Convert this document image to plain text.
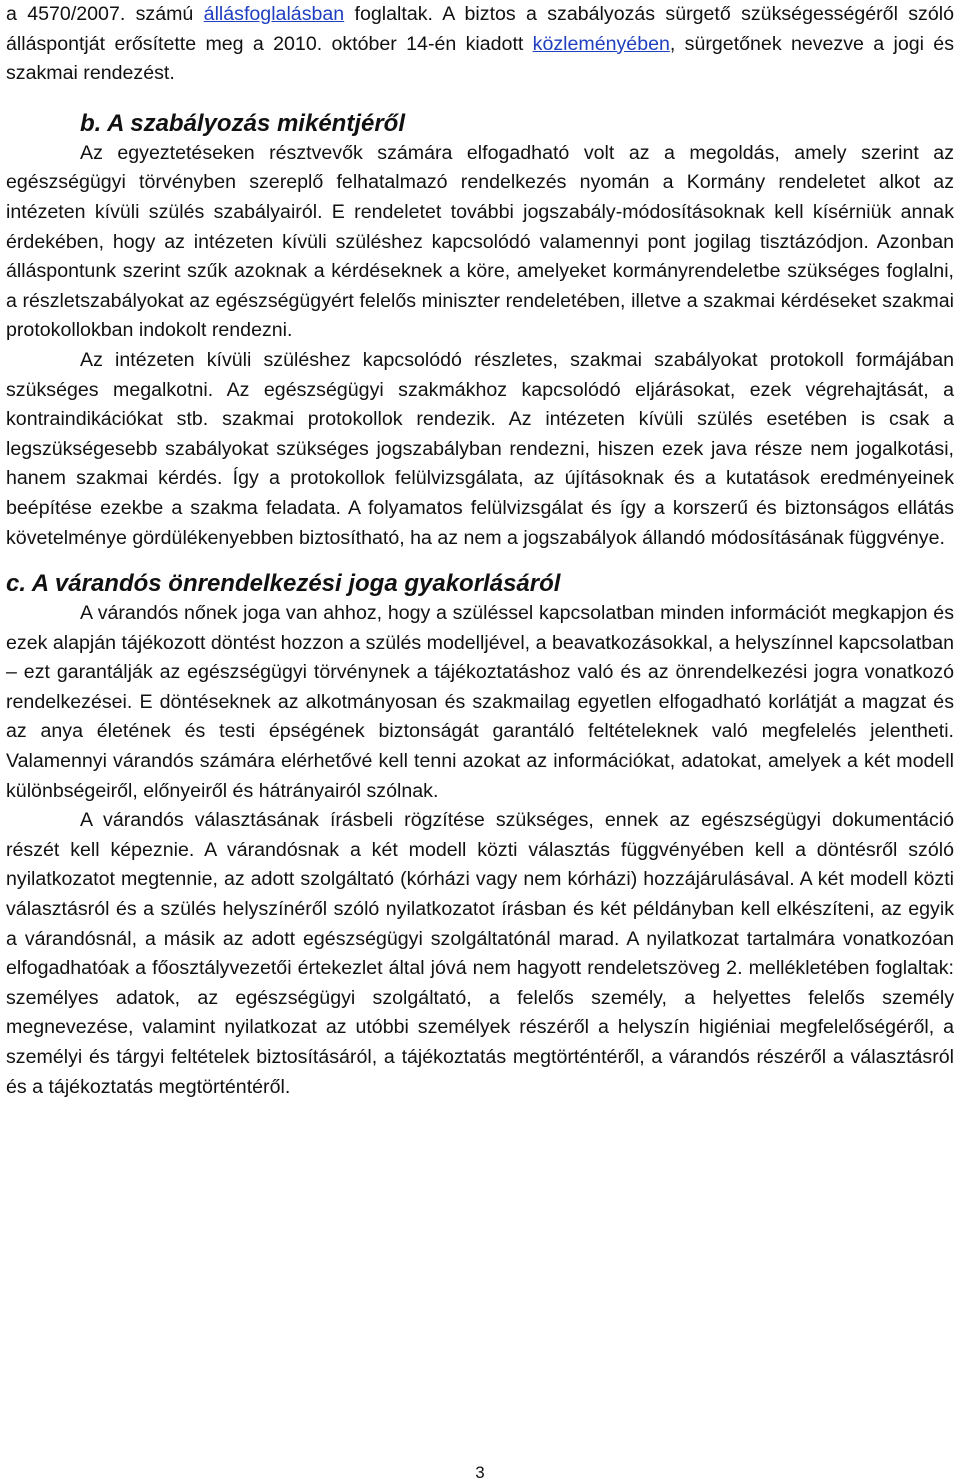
a 4570/2007. számú állásfoglalásban foglaltak. A biztos a szabályozás sürgető szükségességéről szóló álláspontját erősítette meg a 2010. október 14-én kiadott közleményében, sürgetőnek nevezve a jogi és szakmai rendezést.

b. A szabályozás mikéntjéről

Az egyeztetéseken résztvevők számára elfogadható volt az a megoldás, amely szerint az egészségügyi törvényben szereplő felhatalmazó rendelkezés nyomán a Kormány rendeletet alkot az intézeten kívüli szülés szabályairól. E rendeletet további jogszabály-módosításoknak kell kísérniük annak érdekében, hogy az intézeten kívüli szüléshez kapcsolódó valamennyi pont jogilag tisztázódjon. Azonban álláspontunk szerint szűk azoknak a kérdéseknek a köre, amelyeket kormányrendeletbe szükséges foglalni, a részletszabályokat az egészségügyért felelős miniszter rendeletében, illetve a szakmai kérdéseket szakmai protokollokban indokolt rendezni.

Az intézeten kívüli szüléshez kapcsolódó részletes, szakmai szabályokat protokoll formájában szükséges megalkotni. Az egészségügyi szakmákhoz kapcsolódó eljárásokat, ezek végrehajtását, a kontraindikációkat stb. szakmai protokollok rendezik. Az intézeten kívüli szülés esetében is csak a legszükségesebb szabályokat szükséges jogszabályban rendezni, hiszen ezek java része nem jogalkotási, hanem szakmai kérdés. Így a protokollok felülvizsgálata, az újításoknak és a kutatások eredményeinek beépítése ezekbe a szakma feladata. A folyamatos felülvizsgálat és így a korszerű és biztonságos ellátás követelménye gördülékenyebben biztosítható, ha az nem a jogszabályok állandó módosításának függvénye.

c. A várandós önrendelkezési joga gyakorlásáról

A várandós nőnek joga van ahhoz, hogy a szüléssel kapcsolatban minden információt megkapjon és ezek alapján tájékozott döntést hozzon a szülés modelljével, a beavatkozásokkal, a helyszínnel kapcsolatban – ezt garantálják az egészségügyi törvénynek a tájékoztatáshoz való és az önrendelkezési jogra vonatkozó rendelkezései. E döntéseknek az alkotmányosan és szakmailag egyetlen elfogadható korlátját a magzat és az anya életének és testi épségének biztonságát garantáló feltételeknek való megfelelés jelentheti. Valamennyi várandós számára elérhetővé kell tenni azokat az információkat, adatokat, amelyek a két modell különbségeiről, előnyeiről és hátrányairól szólnak.

A várandós választásának írásbeli rögzítése szükséges, ennek az egészségügyi dokumentáció részét kell képeznie. A várandósnak a két modell közti választás függvényében kell a döntésről szóló nyilatkozatot megtennie, az adott szolgáltató (kórházi vagy nem kórházi) hozzájárulásával. A két modell közti választásról és a szülés helyszínéről szóló nyilatkozatot írásban és két példányban kell elkészíteni, az egyik a várandósnál, a másik az adott egészségügyi szolgáltatónál marad. A nyilatkozat tartalmára vonatkozóan elfogadhatóak a főosztályvezetői értekezlet által jóvá nem hagyott rendeletszöveg 2. mellékletében foglaltak: személyes adatok, az egészségügyi szolgáltató, a felelős személy, a helyettes felelős személy megnevezése, valamint nyilatkozat az utóbbi személyek részéről a helyszín higiéniai megfelelőségéről, a személyi és tárgyi feltételek biztosításáról, a tájékoztatás megtörténtéről, a várandós részéről a választásról és a tájékoztatás megtörténtéről.

3
